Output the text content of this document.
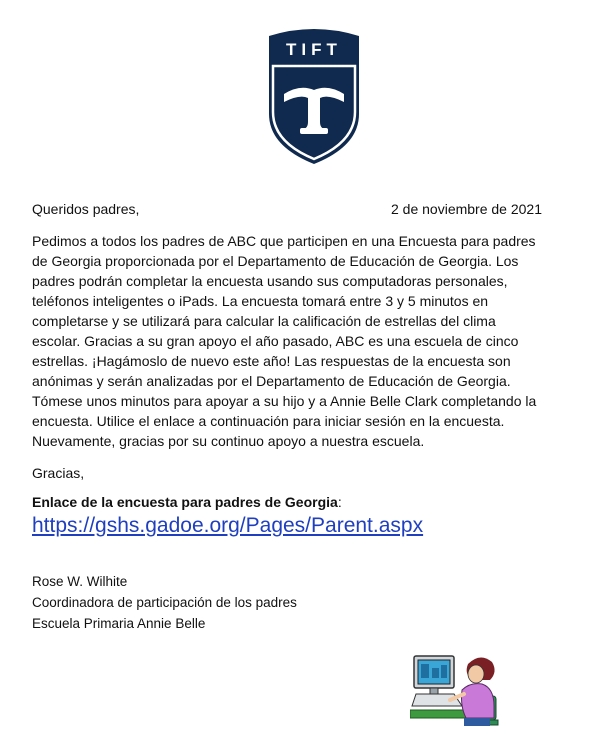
TIFT
Queridos padres,	2 de noviembre de 2021

Pedimos a todos los padres de ABC que participen en una Encuesta para padres de Georgia proporcionada por el Departamento de Educación de Georgia. Los padres podrán completar la encuesta usando sus computadoras personales, teléfonos inteligentes o iPads. La encuesta tomará entre 3 y 5 minutos en completarse y se utilizará para calcular la calificación de estrellas del clima escolar. Gracias a su gran apoyo el año pasado, ABC es una escuela de cinco estrellas. ¡Hagámoslo de nuevo este año! Las respuestas de la encuesta son anónimas y serán analizadas por el Departamento de Educación de Georgia. Tómese unos minutos para apoyar a su hijo y a Annie Belle Clark completando la encuesta. Utilice el enlace a continuación para iniciar sesión en la encuesta. Nuevamente, gracias por su continuo apoyo a nuestra escuela.

Gracias,
Enlace de la encuesta para padres de Georgia:
https://gshs.gadoe.org/Pages/Parent.aspx
Rose W. Wilhite
Coordinadora de participación de los padres
Escuela Primaria Annie Belle
